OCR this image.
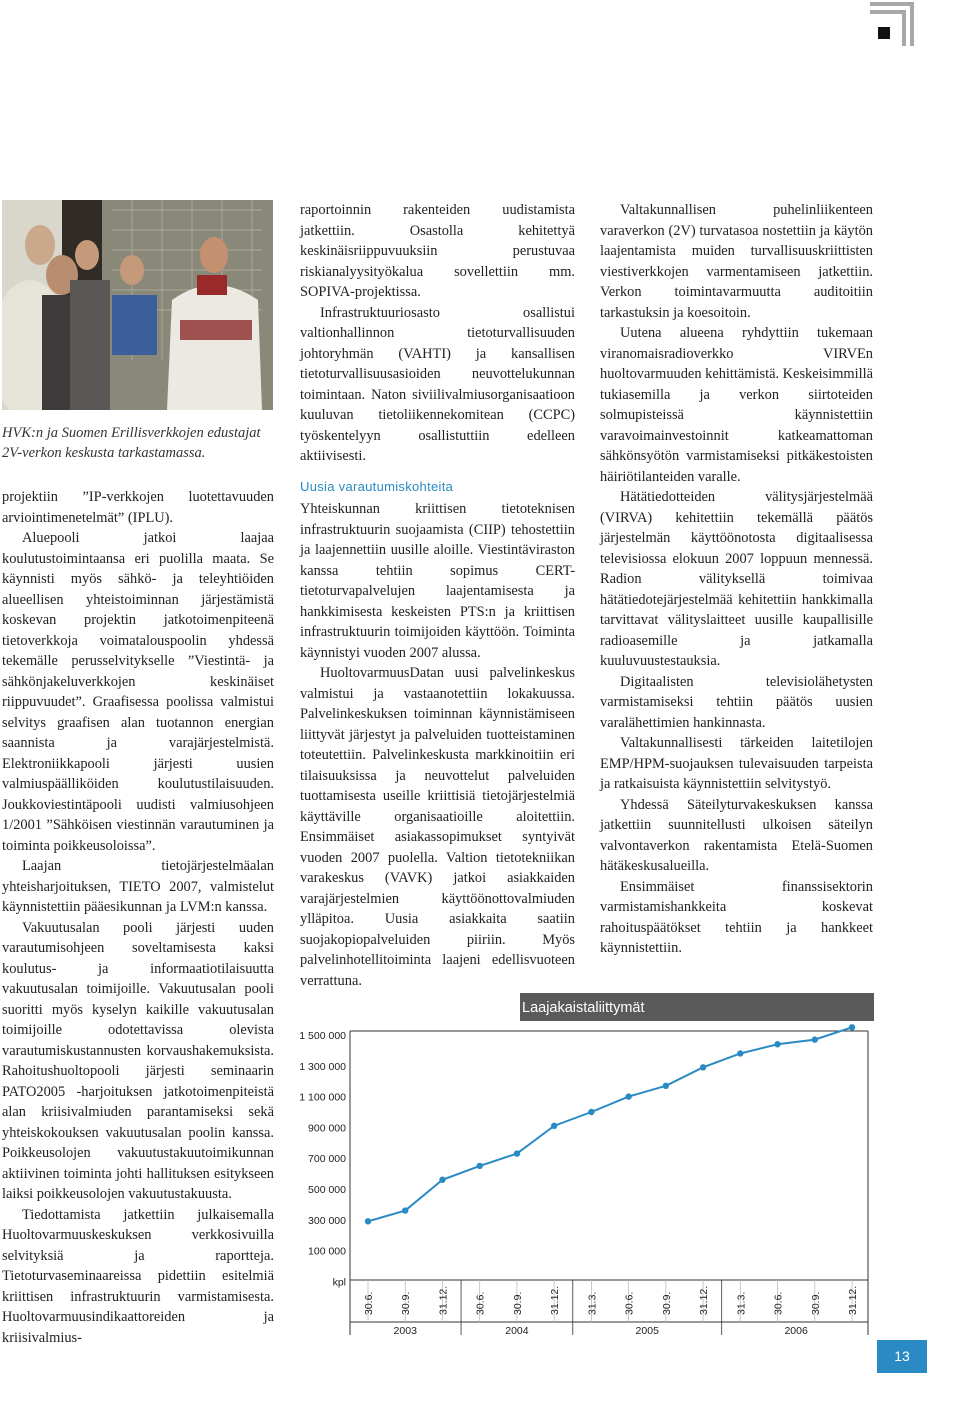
HVK:n ja Suomen Erillisverkkojen edustajat 2V-verkon keskusta tarkastamassa.

projektiin ”IP-verkkojen luotettavuuden arviointimenetelmät” (IPLU).

Aluepooli jatkoi laajaa koulutustoimintaansa eri puolilla maata. Se käynnisti myös sähkö- ja teleyhtiöiden alueellisen yhteistoiminnan järjestämistä koskevan projektin jatkotoimenpiteenä tietoverkkoja voimatalouspoolin yhdessä tekemälle perusselvitykselle ”Viestintä- ja sähkönjakeluverkkojen keskinäiset riippuvuudet”. Graafisessa poolissa valmistui selvitys graafisen alan tuotannon energian saannista ja varajärjestelmistä. Elektroniikkapooli järjesti uusien valmiuspäälliköiden koulutustilaisuuden. Joukkoviestintäpooli uudisti valmiusohjeen 1/2001 ”Sähköisen viestinnän varautuminen ja toiminta poikkeusoloissa”.

Laajan tietojärjestelmäalan yhteisharjoituksen, TIETO 2007, valmistelut käynnistettiin pääesikunnan ja LVM:n kanssa.

Vakuutusalan pooli järjesti uuden varautumisohjeen soveltamisesta kaksi koulutus- ja informaatiotilaisuutta vakuutusalan toimijoille. Vakuutusalan pooli suoritti myös kyselyn kaikille vakuutusalan toimijoille odotettavissa olevista varautumiskustannusten korvaushakemuksista. Rahoitushuoltopooli järjesti seminaarin PATO2005 -harjoituksen jatkotoimenpiteistä alan kriisivalmiuden parantamiseksi sekä yhteiskokouksen vakuutusalan poolin kanssa. Poikkeusolojen vakuutustakuutoimikunnan aktiivinen toiminta johti hallituksen esitykseen laiksi poikkeusolojen vakuutustakuusta.

Tiedottamista jatkettiin julkaisemalla Huoltovarmuuskeskuksen verkkosivuilla selvityksiä ja raportteja. Tietoturvaseminaareissa pidettiin esitelmiä kriittisen infrastruktuurin varmistamisesta. Huoltovarmuusindikaattoreiden ja kriisivalmius-

raportoinnin rakenteiden uudistamista jatkettiin. Osastolla kehitettyä keskinäisriippuvuuksiin perustuvaa riskianalyysityökalua sovellettiin mm. SOPIVA-projektissa.

Infrastruktuuriosasto osallistui valtionhallinnon tietoturvallisuuden johtoryhmän (VAHTI) ja kansallisen tietoturvallisuusasioiden neuvottelukunnan toimintaan. Naton siviilivalmiusorganisaatioon kuuluvan tietoliikennekomitean (CCPC) työskentelyyn osallistuttiin edelleen aktiivisesti.

Uusia varautumiskohteita

Yhteiskunnan kriittisen tietoteknisen infrastruktuurin suojaamista (CIIP) tehostettiin ja laajennettiin uusille aloille. Viestintäviraston kanssa tehtiin sopimus CERT-tietoturvapalvelujen laajentamisesta ja hankkimisesta keskeisten PTS:n ja kriittisen infrastruktuurin toimijoiden käyttöön. Toiminta käynnistyi vuoden 2007 alussa.

HuoltovarmuusDatan uusi palvelinkeskus valmistui ja vastaanotettiin lokakuussa. Palvelinkeskuksen toiminnan käynnistämiseen liittyvät järjestyt ja palveluiden tuotteistaminen toteutettiin. Palvelinkeskusta markkinoitiin eri tilaisuuksissa ja neuvottelut palveluiden tuottamisesta useille kriittisiä tietojärjestelmiä käyttäville organisaatioille aloitettiin. Ensimmäiset asiakassopimukset syntyivät vuoden 2007 puolella. Valtion tietotekniikan varakeskus (VAVK) jatkoi asiakkaiden varajärjestelmien käyttöönottovalmiuden ylläpitoa. Uusia asiakkaita saatiin suojakopiopalveluiden piiriin. Myös palvelinhotellitoiminta laajeni edellisvuoteen verrattuna.

Valtakunnallisen puhelinliikenteen varaverkon (2V) turvatasoa nostettiin ja käytön laajentamista muiden turvallisuuskriittisten viestiverkkojen varmentamiseen jatkettiin. Verkon toimintavarmuutta auditoitiin tarkastuksin ja koesoitoin.

Uutena alueena ryhdyttiin tukemaan viranomaisradioverkko VIRVEn huoltovarmuuden kehittämistä. Keskeisimmillä tukiasemilla ja verkon siirtoteiden solmupisteissä käynnistettiin varavoimainvestoinnit katkeamattoman sähkönsyötön varmistamiseksi pitkäkestoisten häiriötilanteiden varalle.

Hätätiedotteiden välitysjärjestelmää (VIRVA) kehitettiin tekemällä päätös järjestelmän käyttöönotosta digitaalisessa televisiossa elokuun 2007 loppuun mennessä. Radion välityksellä toimivaa hätätiedotejärjestelmää kehitettiin hankkimalla tarvittavat välityslaitteet uusille kaupallisille radioasemille ja jatkamalla kuuluvuustestauksia.

Digitaalisten televisiolähetysten varmistamiseksi tehtiin päätös uusien varalähettimien hankinnasta.

Valtakunnallisesti tärkeiden laitetilojen EMP/HPM-suojauksen tulevaisuuden tarpeista ja ratkaisuista käynnistettiin selvitystyö.

Yhdessä Säteilyturvakeskuksen kanssa jatkettiin suunnitellusti ulkoisen säteilyn valvontaverkon rakentamista Etelä-Suomen hätäkeskusalueilla.

Ensimmäiset finanssisektorin varmistamishankkeita koskevat rahoituspäätökset tehtiin ja hankkeet käynnistettiin.

Laajakaistaliittymät
1 500 000
1 300 000
1 100 000
900 000
700 000
500 000
300 000
100 000
kpl
30.6. 30.9. 31.12. 30.6. 30.9. 31.12. 31.3. 30.6. 30.9. 31.12. 31.3. 30.6. 30.9. 31.12.
2003	2004	2005	2006
13
